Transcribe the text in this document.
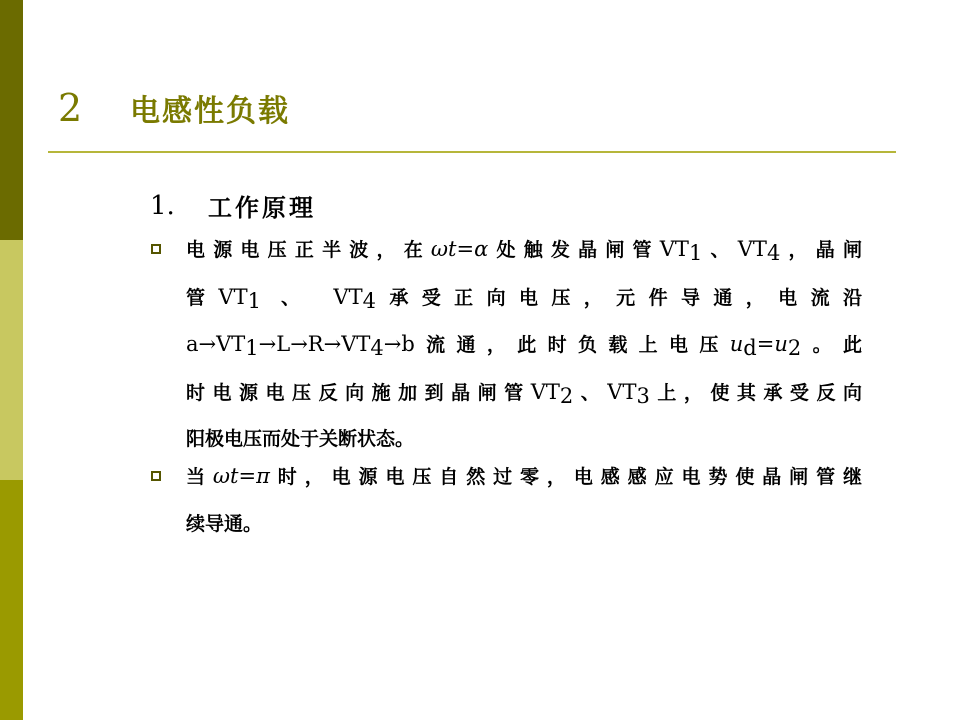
2	电感性负载
1.	工作原理
电源电压正半波，在ωt=α处触发晶闸管$VT_1$、$VT_4$，晶闸
管$VT_1$ 、 $VT_4$承受正向电压，元件导通，电流沿
$a\to VT_1\to L\to R\to VT_4\to b$流通，此时负载上电压$u_d=u_2$。此
时电源电压反向施加到晶闸管$VT_2$、$VT_3$上，使其承受反向
阳极电压而处于关断状态。
当ωt=π时，电源电压自然过零，电感感应电势使晶闸管继
续导通。
